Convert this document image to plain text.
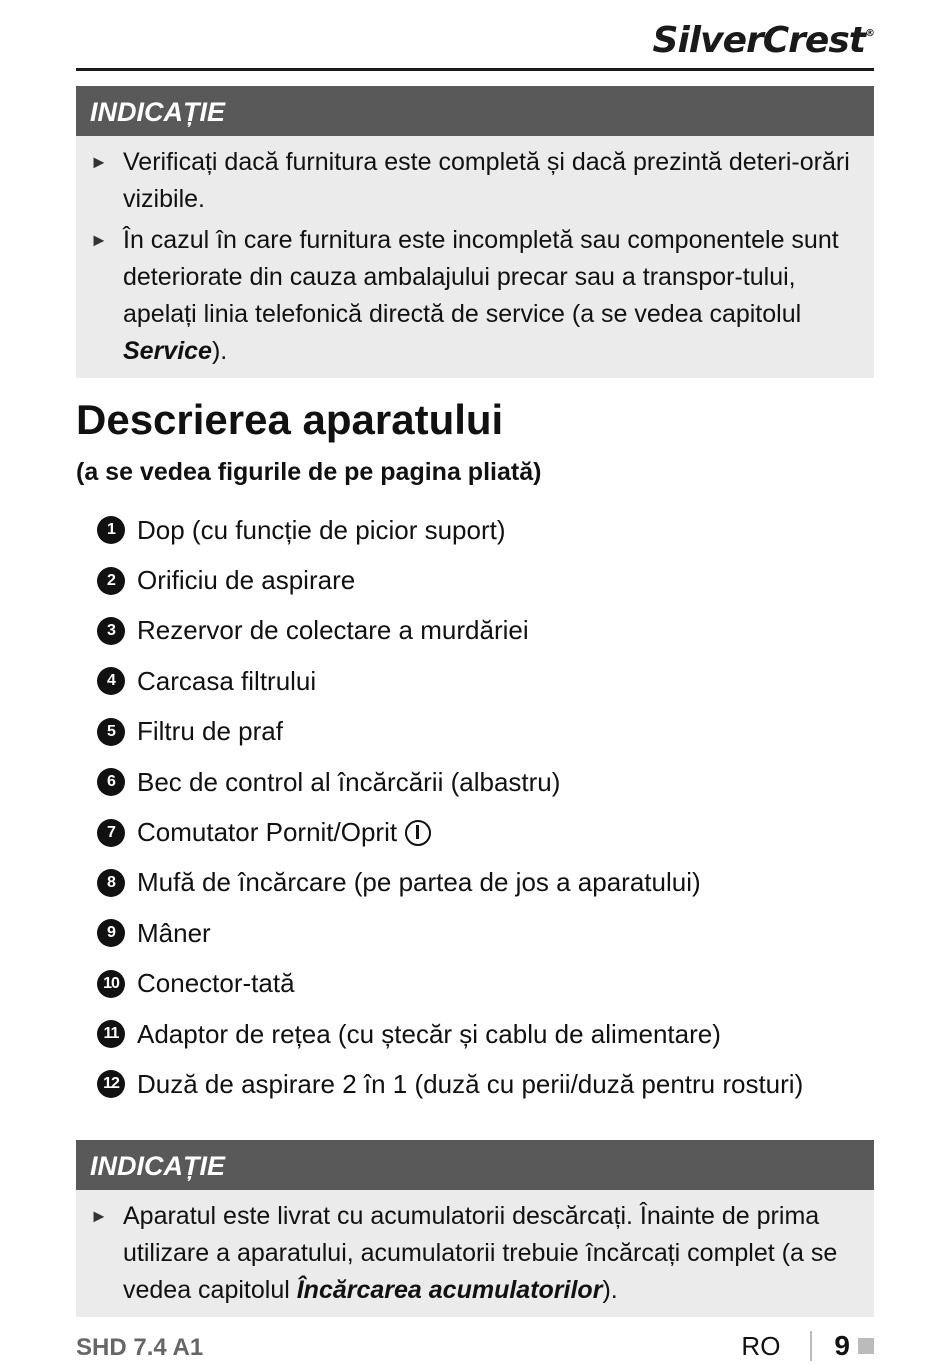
SilverCrest®
INDICAȚIE
► Verificați dacă furnitura este completă și dacă prezintă deteri-orări vizibile.
► În cazul în care furnitura este incompletă sau componentele sunt deteriorate din cauza ambalajului precar sau a transpor-tului, apelați linia telefonică directă de service (a se vedea capitolul Service).
Descrierea aparatului
(a se vedea figurile de pe pagina pliată)
1 Dop (cu funcție de picior suport)
2 Orificiu de aspirare
3 Rezervor de colectare a murdăriei
4 Carcasa filtrului
5 Filtru de praf
6 Bec de control al încărcării (albastru)
7 Comutator Pornit/Oprit
8 Mufă de încărcare (pe partea de jos a aparatului)
9 Mâner
10 Conector-tată
11 Adaptor de rețea (cu ștecăr și cablu de alimentare)
12 Duză de aspirare 2 în 1 (duză cu perii/duză pentru rosturi)
INDICAȚIE
► Aparatul este livrat cu acumulatorii descărcați. Înainte de prima utilizare a aparatului, acumulatorii trebuie încărcați complet (a se vedea capitolul Încărcarea acumulatorilor).
SHD 7.4 A1	RO 9
